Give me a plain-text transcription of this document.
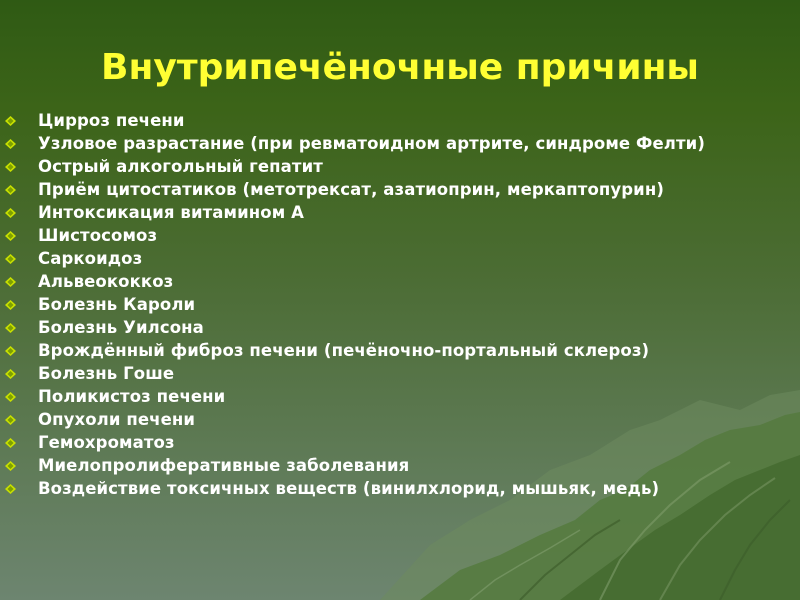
Внутрипечёночные причины
Цирроз печени
Узловое разрастание (при ревматоидном артрите, синдроме Фелти)
Острый алкогольный гепатит
Приём цитостатиков (метотрексат, азатиоприн, меркаптопурин)
Интоксикация витамином А
Шистосомоз
Саркоидоз
Альвеококкоз
Болезнь Кароли
Болезнь Уилсона
Врождённый фиброз печени (печёночно-портальный склероз)
Болезнь Гоше
Поликистоз печени
Опухоли печени
Гемохроматоз
Миелопролиферативные заболевания
Воздействие токсичных веществ (винилхлорид, мышьяк, медь)
